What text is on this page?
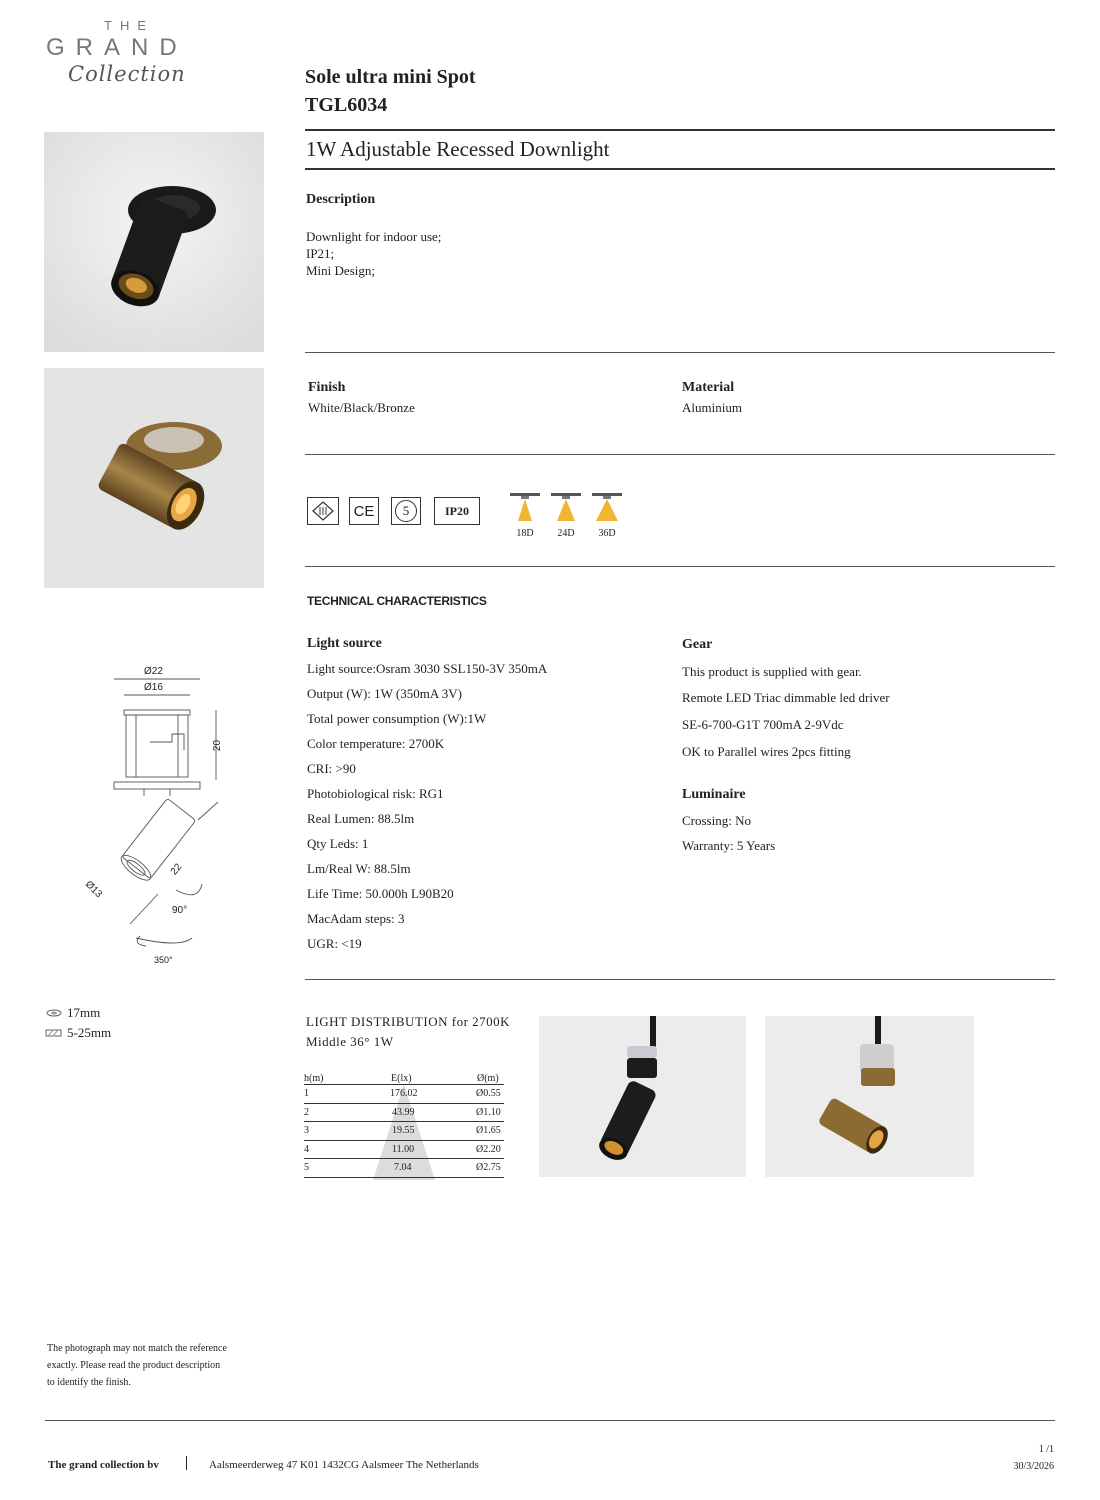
THE
GRAND
Collection	Sole ultra mini Spot
TGL6034
1W Adjustable Recessed Downlight
Description
Downlight for indoor use;
IP21;
Mini Design;
Finish
White/Black/Bronze
Material
Aluminium
CE	5	IP20
18D	24D	36D
TECHNICAL CHARACTERISTICS
Light source
Light source:Osram 3030 SSL150-3V 350mA
Output (W): 1W (350mA 3V)
Total power consumption (W):1W
Color temperature: 2700K
CRI: >90
Photobiological risk: RG1
Real Lumen: 88.5lm
Qty Leds: 1
Lm/Real W: 88.5lm
Life Time: 50.000h L90B20
MacAdam steps: 3
UGR: <19
Gear
This product is supplied with gear.
Remote LED Triac dimmable led driver
SE-6-700-G1T 700mA 2-9Vdc
OK to Parallel wires 2pcs fitting
Luminaire
Crossing: No
Warranty: 5 Years
Ø22
Ø16
20
22
Ø13
90°
350°
17mm
5-25mm
LIGHT DISTRIBUTION for 2700K
Middle 36° 1W
h(m)	E(lx)	Ø(m)
1	176.02	Ø0.55
2	43.99	Ø1.10
3	19.55	Ø1.65
4	11.00	Ø2.20
5	7.04	Ø2.75
The photograph may not match the reference
exactly. Please read the product description
to identify the finish.
The grand collection bv	Aalsmeerderweg 47 K01 1432CG Aalsmeer The Netherlands
1 /1
30/3/2026
